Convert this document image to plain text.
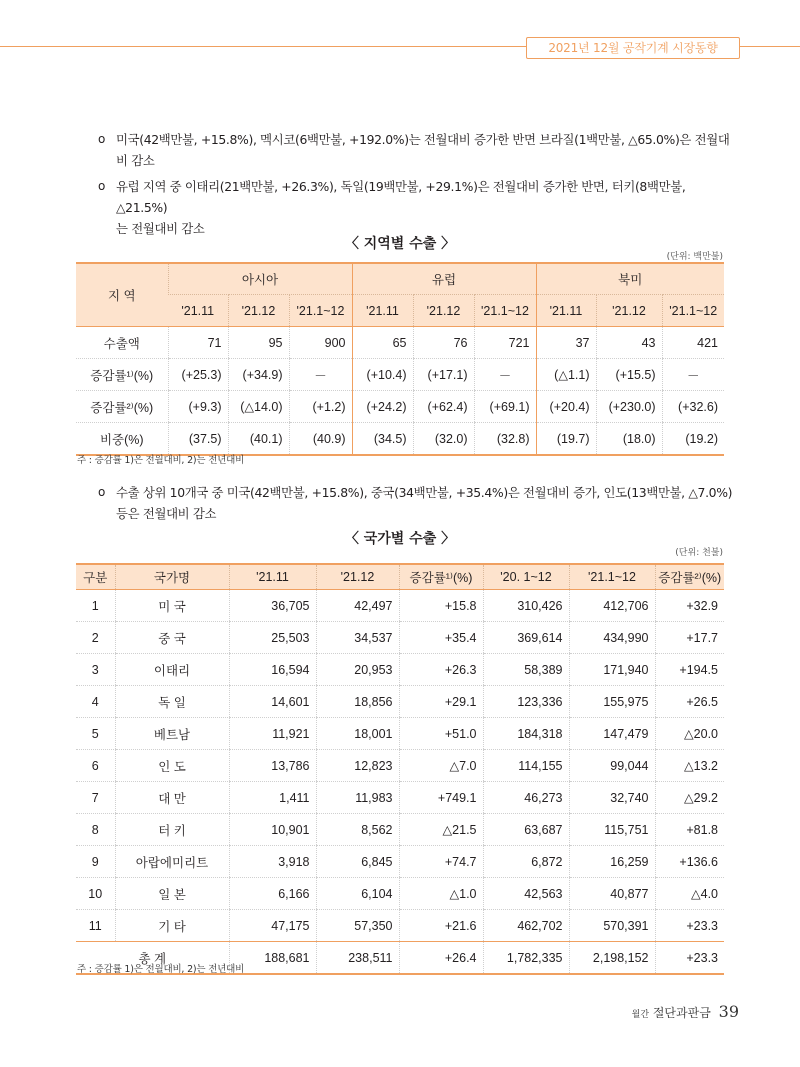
2021년 12월 공작기계 시장동향
o 미국(42백만불, +15.8%), 멕시코(6백만불, +192.0%)는 전월대비 증가한 반면 브라질(1백만불, △65.0%)은 전월대
비 감소
o 유럽 지역 중 이태리(21백만불, +26.3%), 독일(19백만불, +29.1%)은 전월대비 증가한 반면, 터키(8백만불, △21.5%)
는 전월대비 감소
〈 지역별 수출 〉
(단위: 백만불)
지 역	아시아			유럽			북미		
	'21.11	'21.12	'21.1~12	'21.11	'21.12	'21.1~12	'21.11	'21.12	'21.1~12
수출액	71	95	900	65	76	721	37	43	421
증감률¹⁾(%)	(+25.3)	(+34.9)	－	(+10.4)	(+17.1)	－	(△1.1)	(+15.5)	－
증감률²⁾(%)	(+9.3)	(△14.0)	(+1.2)	(+24.2)	(+62.4)	(+69.1)	(+20.4)	(+230.0)	(+32.6)
비중(%)	(37.5)	(40.1)	(40.9)	(34.5)	(32.0)	(32.8)	(19.7)	(18.0)	(19.2)
주 : 증감률 1)은 전월대비, 2)는 전년대비
o 수출 상위 10개국 중 미국(42백만불, +15.8%), 중국(34백만불, +35.4%)은 전월대비 증가, 인도(13백만불, △7.0%)
등은 전월대비 감소
〈 국가별 수출 〉
(단위: 천불)
구분	국가명	'21.11	'21.12	증감률¹⁾(%)	'20. 1~12	'21.1~12	증감률²⁾(%)
1	미 국	36,705	42,497	+15.8	310,426	412,706	+32.9
2	중 국	25,503	34,537	+35.4	369,614	434,990	+17.7
3	이태리	16,594	20,953	+26.3	58,389	171,940	+194.5
4	독 일	14,601	18,856	+29.1	123,336	155,975	+26.5
5	베트남	11,921	18,001	+51.0	184,318	147,479	△20.0
6	인 도	13,786	12,823	△7.0	114,155	99,044	△13.2
7	대 만	1,411	11,983	+749.1	46,273	32,740	△29.2
8	터 키	10,901	8,562	△21.5	63,687	115,751	+81.8
9	아랍에미리트	3,918	6,845	+74.7	6,872	16,259	+136.6
10	일 본	6,166	6,104	△1.0	42,563	40,877	△4.0
11	기 타	47,175	57,350	+21.6	462,702	570,391	+23.3
총 계		188,681	238,511	+26.4	1,782,335	2,198,152	+23.3
주 : 증감률 1)은 전월대비, 2)는 전년대비
월간 절단과판금 39
